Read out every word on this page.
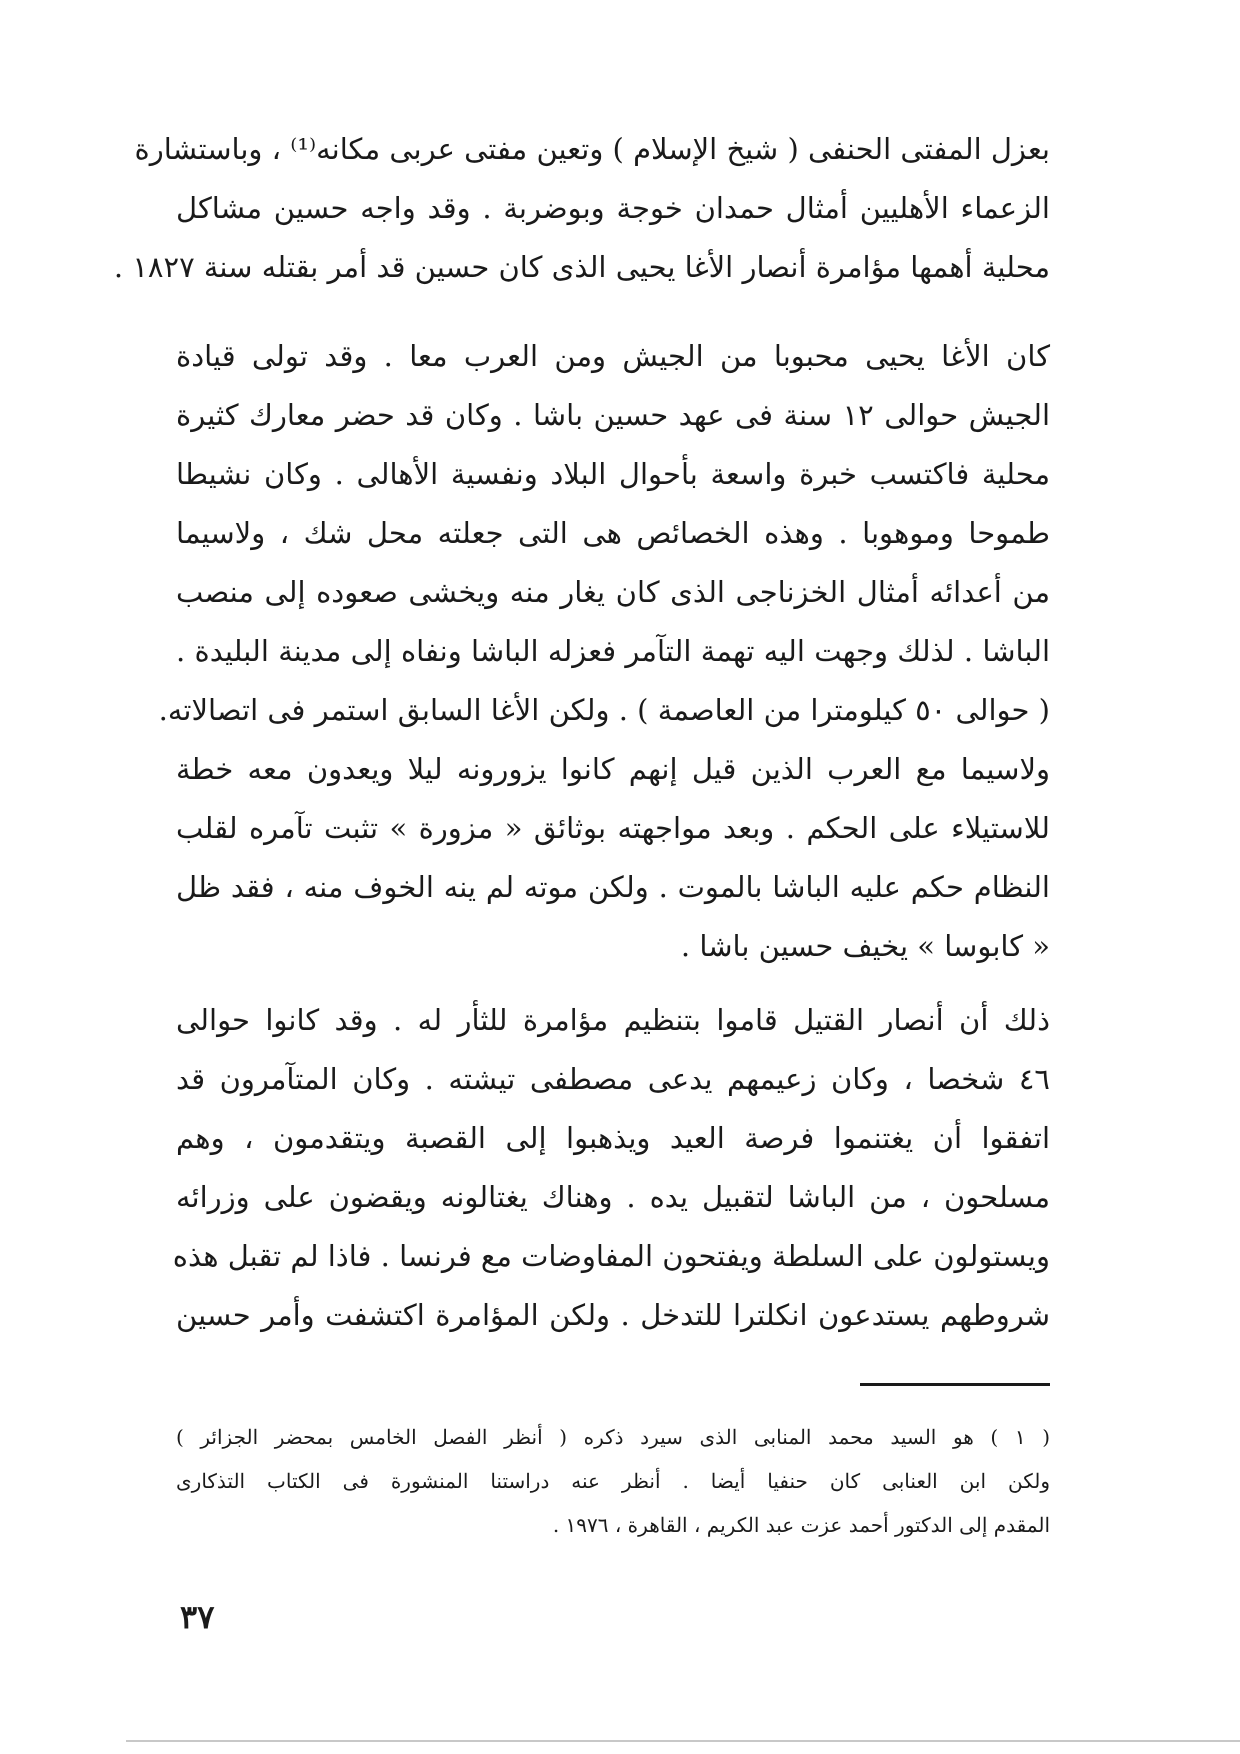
بعزل المفتى الحنفى ( شيخ الإسلام ) وتعين مفتى عربى مكانه⁽¹⁾ ، وباستشارة
الزعماء الأهليين أمثال حمدان خوجة وبوضربة . وقد واجه حسين مشاكل
محلية أهمها مؤامرة أنصار الأغا يحيى الذى كان حسين قد أمر بقتله سنة ١٨٢٧ .
كان الأغا يحيى محبوبا من الجيش ومن العرب معا . وقد تولى قيادة
الجيش حوالى ١٢ سنة فى عهد حسين باشا . وكان قد حضر معارك كثيرة
محلية فاكتسب خبرة واسعة بأحوال البلاد ونفسية الأهالى . وكان نشيطا
طموحا وموهوبا . وهذه الخصائص هى التى جعلته محل شك ، ولاسيما
من أعدائه أمثال الخزناجى الذى كان يغار منه ويخشى صعوده إلى منصب
الباشا . لذلك وجهت اليه تهمة التآمر فعزله الباشا ونفاه إلى مدينة البليدة .
( حوالى ٥٠ كيلومترا من العاصمة ) . ولكن الأغا السابق استمر فى اتصالاته.
ولاسيما مع العرب الذين قيل إنهم كانوا يزورونه ليلا ويعدون معه خطة
للاستيلاء على الحكم . وبعد مواجهته بوثائق « مزورة » تثبت تآمره لقلب
النظام حكم عليه الباشا بالموت . ولكن موته لم ينه الخوف منه ، فقد ظل
« كابوسا » يخيف حسين باشا .
ذلك أن أنصار القتيل قاموا بتنظيم مؤامرة للثأر له . وقد كانوا حوالى
٤٦ شخصا ، وكان زعيمهم يدعى مصطفى تيشته . وكان المتآمرون قد
اتفقوا أن يغتنموا فرصة العيد ويذهبوا إلى القصبة ويتقدمون ، وهم
مسلحون ، من الباشا لتقبيل يده . وهناك يغتالونه ويقضون على وزرائه
ويستولون على السلطة ويفتحون المفاوضات مع فرنسا . فاذا لم تقبل هذه
شروطهم يستدعون انكلترا للتدخل . ولكن المؤامرة اكتشفت وأمر حسين
( ١ ) هو السيد محمد المنابى الذى سيرد ذكره ( أنظر الفصل الخامس بمحضر الجزائر )
ولكن ابن العنابى كان حنفيا أيضا . أنظر عنه دراستنا المنشورة فى الكتاب التذكارى
المقدم إلى الدكتور أحمد عزت عبد الكريم ، القاهرة ، ١٩٧٦ .
٣٧
